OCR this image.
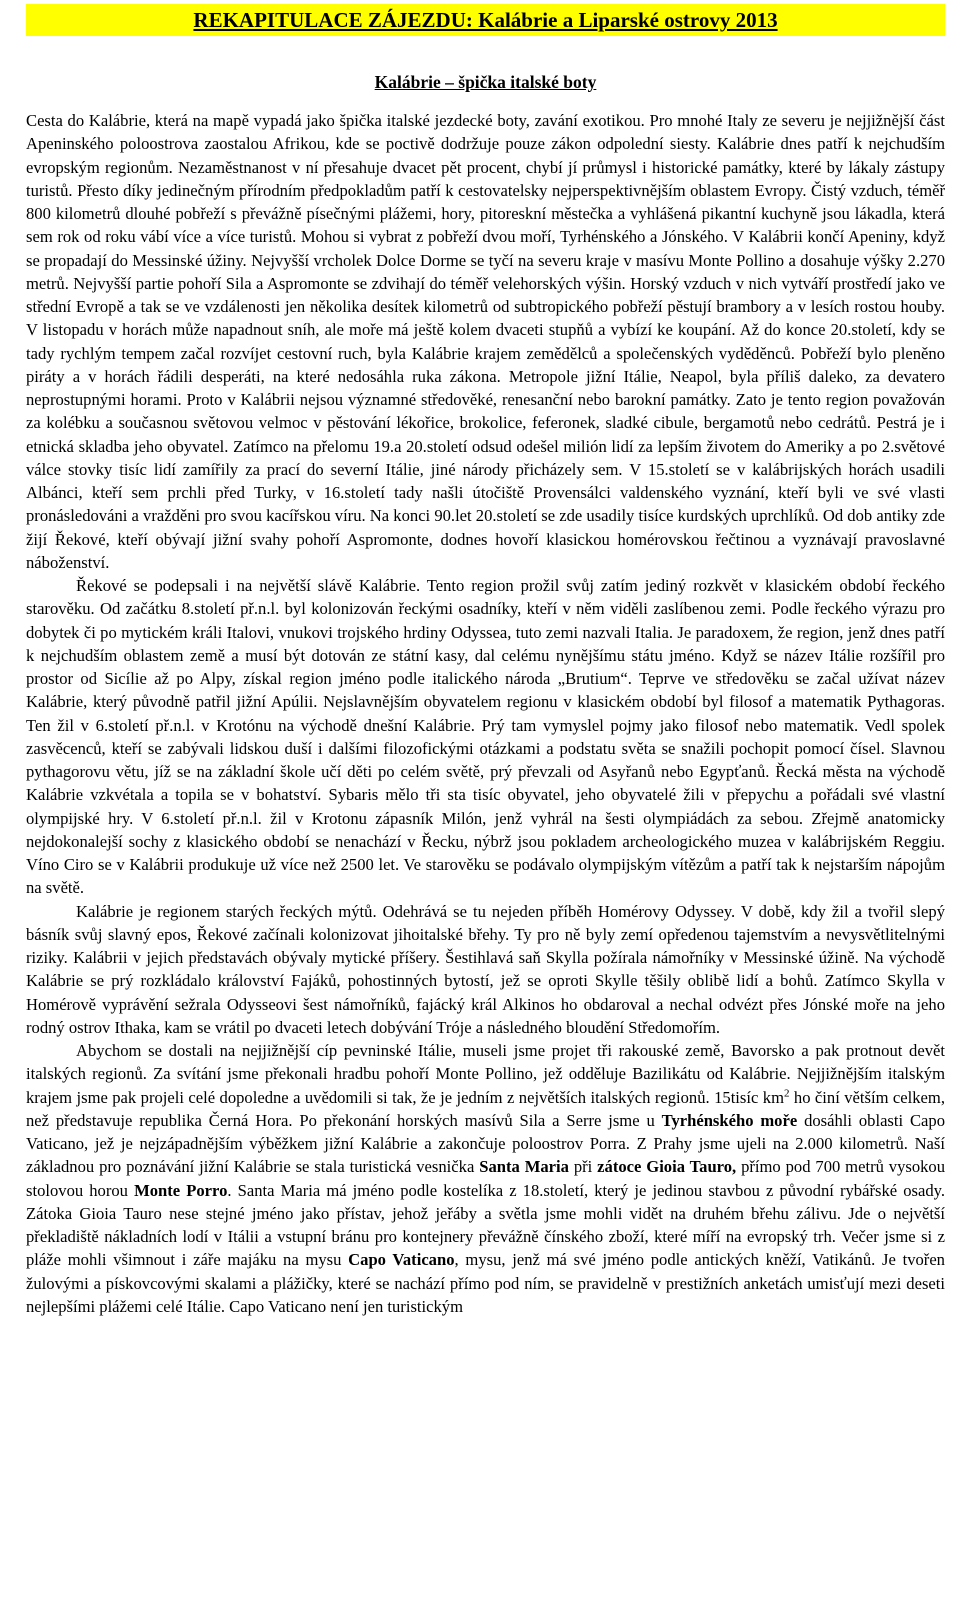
REKAPITULACE ZÁJEZDU: Kalábrie a Liparské ostrovy 2013
Kalábrie – špička italské boty

Cesta do Kalábrie, která na mapě vypadá jako špička italské jezdecké boty, zavání exotikou. Pro mnohé Italy ze severu je nejjižnější část Apeninského poloostrova zaostalou Afrikou, kde se poctivě dodržuje pouze zákon odpolední siesty. Kalábrie dnes patří k nejchudším evropským regionům. Nezaměstnanost v ní přesahuje dvacet pět procent, chybí jí průmysl i historické památky, které by lákaly zástupy turistů. Přesto díky jedinečným přírodním předpokladům patří k cestovatelsky nejperspektivnějším oblastem Evropy. Čistý vzduch, téměř 800 kilometrů dlouhé pobřeží s převážně písečnými plážemi, hory, pitoreskní městečka a vyhlášená pikantní kuchyně jsou lákadla, která sem rok od roku vábí více a více turistů. Mohou si vybrat z pobřeží dvou moří, Tyrhénského a Jónského. V Kalábrii končí Apeniny, když se propadají do Messinské úžiny. Nejvyšší vrcholek Dolce Dorme se tyčí na severu kraje v masívu Monte Pollino a dosahuje výšky 2.270 metrů. Nejvyšší partie pohoří Sila a Aspromonte se zdvihají do téměř velehorských výšin. Horský vzduch v nich vytváří prostředí jako ve střední Evropě a tak se ve vzdálenosti jen několika desítek kilometrů od subtropického pobřeží pěstují brambory a v lesích rostou houby. V listopadu v horách může napadnout sníh, ale moře má ještě kolem dvaceti stupňů a vybízí ke koupání. Až do konce 20.století, kdy se tady rychlým tempem začal rozvíjet cestovní ruch, byla Kalábrie krajem zemědělců a společenských vyděděnců. Pobřeží bylo pleněno piráty a v horách řádili desperáti, na které nedosáhla ruka zákona. Metropole jižní Itálie, Neapol, byla příliš daleko, za devatero neprostupnými horami. Proto v Kalábrii nejsou významné středověké, renesanční nebo barokní památky. Zato je tento region považován za kolébku a současnou světovou velmoc v pěstování lékořice, brokolice, feferonek, sladké cibule, bergamotů nebo cedrátů. Pestrá je i etnická skladba jeho obyvatel. Zatímco na přelomu 19.a 20.století odsud odešel milión lidí za lepším životem do Ameriky a po 2.světové válce stovky tisíc lidí zamířily za prací do severní Itálie, jiné národy přicházely sem. V 15.století se v kalábrijských horách usadili Albánci, kteří sem prchli před Turky, v 16.století tady našli útočiště Provensálci valdenského vyznání, kteří byli ve své vlasti pronásledováni a vražděni pro svou kacířskou víru. Na konci 90.let 20.století se zde usadily tisíce kurdských uprchlíků. Od dob antiky zde žijí Řekové, kteří obývají jižní svahy pohoří Aspromonte, dodnes hovoří klasickou homérovskou řečtinou a vyznávají pravoslavné náboženství.

Řekové se podepsali i na největší slávě Kalábrie. Tento region prožil svůj zatím jediný rozkvět v klasickém období řeckého starověku. Od začátku 8.století př.n.l. byl kolonizován řeckými osadníky, kteří v něm viděli zaslíbenou zemi. Podle řeckého výrazu pro dobytek či po mytickém králi Italovi, vnukovi trojského hrdiny Odyssea, tuto zemi nazvali Italia. Je paradoxem, že region, jenž dnes patří k nejchudším oblastem země a musí být dotován ze státní kasy, dal celému nynějšímu státu jméno. Když se název Itálie rozšířil pro prostor od Sicílie až po Alpy, získal region jméno podle italického národa „Brutium“. Teprve ve středověku se začal užívat název Kalábrie, který původně patřil jižní Apúlii. Nejslavnějším obyvatelem regionu v klasickém období byl filosof a matematik Pythagoras. Ten žil v 6.století př.n.l. v Krotónu na východě dnešní Kalábrie. Prý tam vymyslel pojmy jako filosof nebo matematik. Vedl spolek zasvěcenců, kteří se zabývali lidskou duší i dalšími filozofickými otázkami a podstatu světa se snažili pochopit pomocí čísel. Slavnou pythagorovu větu, jíž se na základní škole učí děti po celém světě, prý převzali od Asyřanů nebo Egypťanů. Řecká města na východě Kalábrie vzkvétala a topila se v bohatství. Sybaris mělo tři sta tisíc obyvatel, jeho obyvatelé žili v přepychu a pořádali své vlastní olympijské hry. V 6.století př.n.l. žil v Krotonu zápasník Milón, jenž vyhrál na šesti olympiádách za sebou. Zřejmě anatomicky nejdokonalejší sochy z klasického období se nenachází v Řecku, nýbrž jsou pokladem archeologického muzea v kalábrijském Reggiu. Víno Ciro se v Kalábrii produkuje už více než 2500 let. Ve starověku se podávalo olympijským vítězům a patří tak k nejstarším nápojům na světě.

Kalábrie je regionem starých řeckých mýtů. Odehrává se tu nejeden příběh Homérovy Odyssey. V době, kdy žil a tvořil slepý básník svůj slavný epos, Řekové začínali kolonizovat jihoitalské břehy. Ty pro ně byly zemí opředenou tajemstvím a nevysvětlitelnými riziky. Kalábrii v jejich představách obývaly mytické příšery. Šestihlavá saň Skylla požírala námořníky v Messinské úžině. Na východě Kalábrie se prý rozkládalo království Fajáků, pohostinných bytostí, jež se oproti Skylle těšily oblibě lidí a bohů. Zatímco Skylla v Homérově vyprávění sežrala Odysseovi šest námořníků, fajácký král Alkinos ho obdaroval a nechal odvézt přes Jónské moře na jeho rodný ostrov Ithaka, kam se vrátil po dvaceti letech dobývání Tróje a následného bloudění Středomořím.

Abychom se dostali na nejjižnější cíp pevninské Itálie, museli jsme projet tři rakouské země, Bavorsko a pak protnout devět italských regionů. Za svítání jsme překonali hradbu pohoří Monte Pollino, jež odděluje Bazilikátu od Kalábrie. Nejjižnějším italským krajem jsme pak projeli celé dopoledne a uvědomili si tak, že je jedním z největších italských regionů. 15tisíc $km^2$ ho činí větším celkem, než představuje republika Černá Hora. Po překonání horských masívů Sila a Serre jsme u Tyrhénského moře dosáhli oblasti Capo Vaticano, jež je nejzápadnějším výběžkem jižní Kalábrie a zakončuje poloostrov Porra. Z Prahy jsme ujeli na 2.000 kilometrů. Naší základnou pro poznávání jižní Kalábrie se stala turistická vesnička Santa Maria při zátoce Gioia Tauro, přímo pod 700 metrů vysokou stolovou horou Monte Porro. Santa Maria má jméno podle kostelíka z 18.století, který je jedinou stavbou z původní rybářské osady. Zátoka Gioia Tauro nese stejné jméno jako přístav, jehož jeřáby a světla jsme mohli vidět na druhém břehu zálivu. Jde o největší překladiště nákladních lodí v Itálii a vstupní bránu pro kontejnery převážně čínského zboží, které míří na evropský trh. Večer jsme si z pláže mohli všimnout i záře majáku na mysu Capo Vaticano, mysu, jenž má své jméno podle antických kněží, Vatikánů. Je tvořen žulovými a pískovcovými skalami a plážičky, které se nachází přímo pod ním, se pravidelně v prestižních anketách umisťují mezi deseti nejlepšími plážemi celé Itálie. Capo Vaticano není jen turistickým
